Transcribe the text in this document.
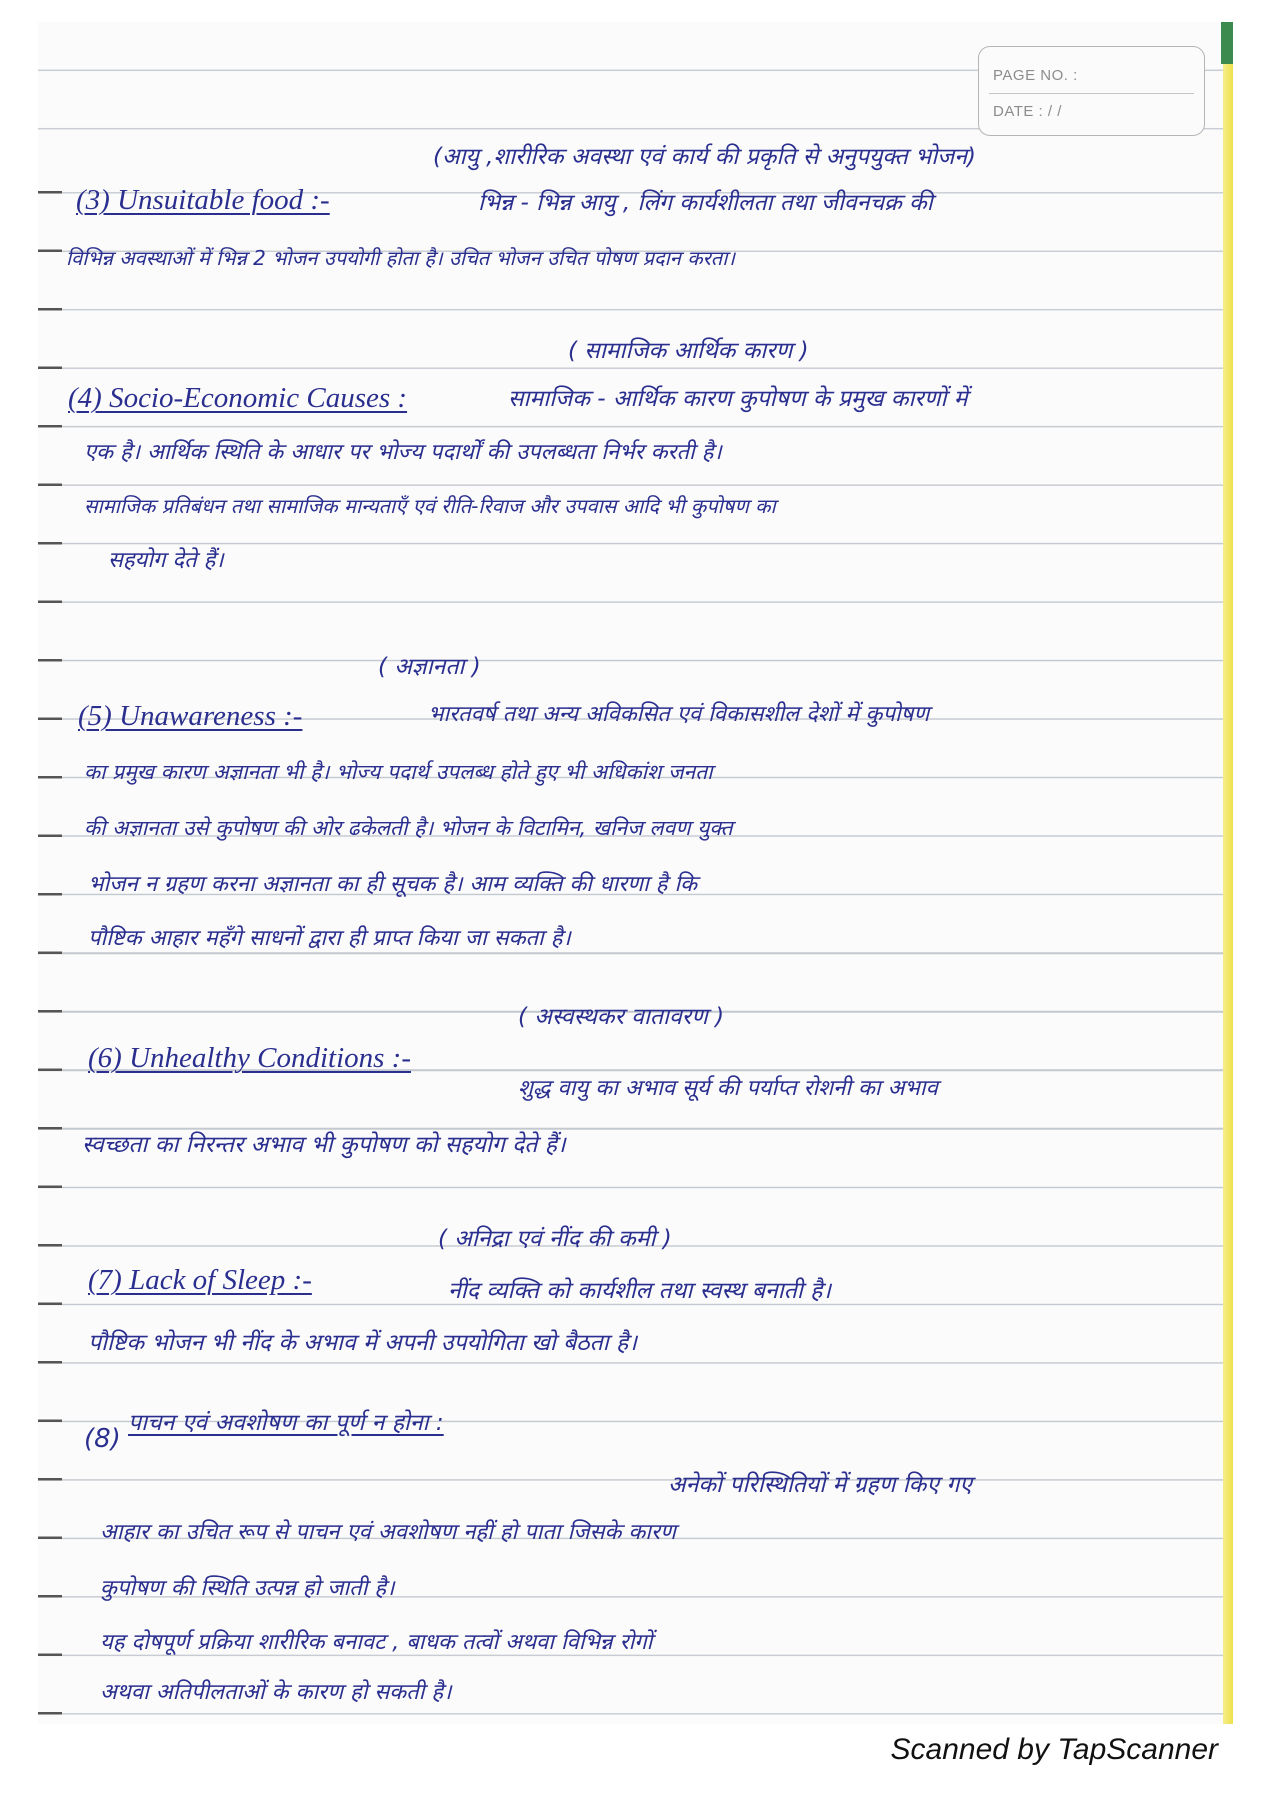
PAGE NO. :
DATE : / /
(आयु ,शारीरिक अवस्था एवं कार्य की प्रकृति से अनुपयुक्त भोजन)
(3) Unsuitable food :-	भिन्न - भिन्न आयु , लिंग कार्यशीलता तथा जीवनचक्र की
विभिन्न अवस्थाओं में भिन्न 2 भोजन उपयोगी होता है। उचित भोजन उचित पोषण प्रदान करता।
( सामाजिक आर्थिक कारण )
(4) Socio-Economic Causes :	सामाजिक - आर्थिक कारण कुपोषण के प्रमुख कारणों में
एक है। आर्थिक स्थिति के आधार पर भोज्य पदार्थों की उपलब्धता निर्भर करती है।
सामाजिक प्रतिबंधन तथा सामाजिक मान्यताएँ एवं रीति-रिवाज और उपवास आदि भी कुपोषण का
सहयोग देते हैं।
( अज्ञानता )
(5) Unawareness :-	भारतवर्ष तथा अन्य अविकसित एवं विकासशील देशों में कुपोषण
का प्रमुख कारण अज्ञानता भी है। भोज्य पदार्थ उपलब्ध होते हुए भी अधिकांश जनता
की अज्ञानता उसे कुपोषण की ओर ढकेलती है। भोजन के विटामिन, खनिज लवण युक्त
भोजन न ग्रहण करना अज्ञानता का ही सूचक है। आम व्यक्ति की धारणा है कि
पौष्टिक आहार महँगे साधनों द्वारा ही प्राप्त किया जा सकता है।
( अस्वस्थकर वातावरण )
(6) Unhealthy Conditions :-
शुद्ध वायु का अभाव सूर्य की पर्याप्त रोशनी का अभाव
स्वच्छता का निरन्तर अभाव भी कुपोषण को सहयोग देते हैं।
( अनिद्रा एवं नींद की कमी )
(7) Lack of Sleep :-	नींद व्यक्ति को कार्यशील तथा स्वस्थ बनाती है।
पौष्टिक भोजन भी नींद के अभाव में अपनी उपयोगिता खो बैठता है।
(8)
पाचन एवं अवशोषण का पूर्ण न होना :
अनेकों परिस्थितियों में ग्रहण किए गए
आहार का उचित रूप से पाचन एवं अवशोषण नहीं हो पाता जिसके कारण
कुपोषण की स्थिति उत्पन्न हो जाती है।
यह दोषपूर्ण प्रक्रिया शारीरिक बनावट , बाधक तत्वों अथवा विभिन्न रोगों
अथवा अतिपीलताओं के कारण हो सकती है।
Scanned by TapScanner
